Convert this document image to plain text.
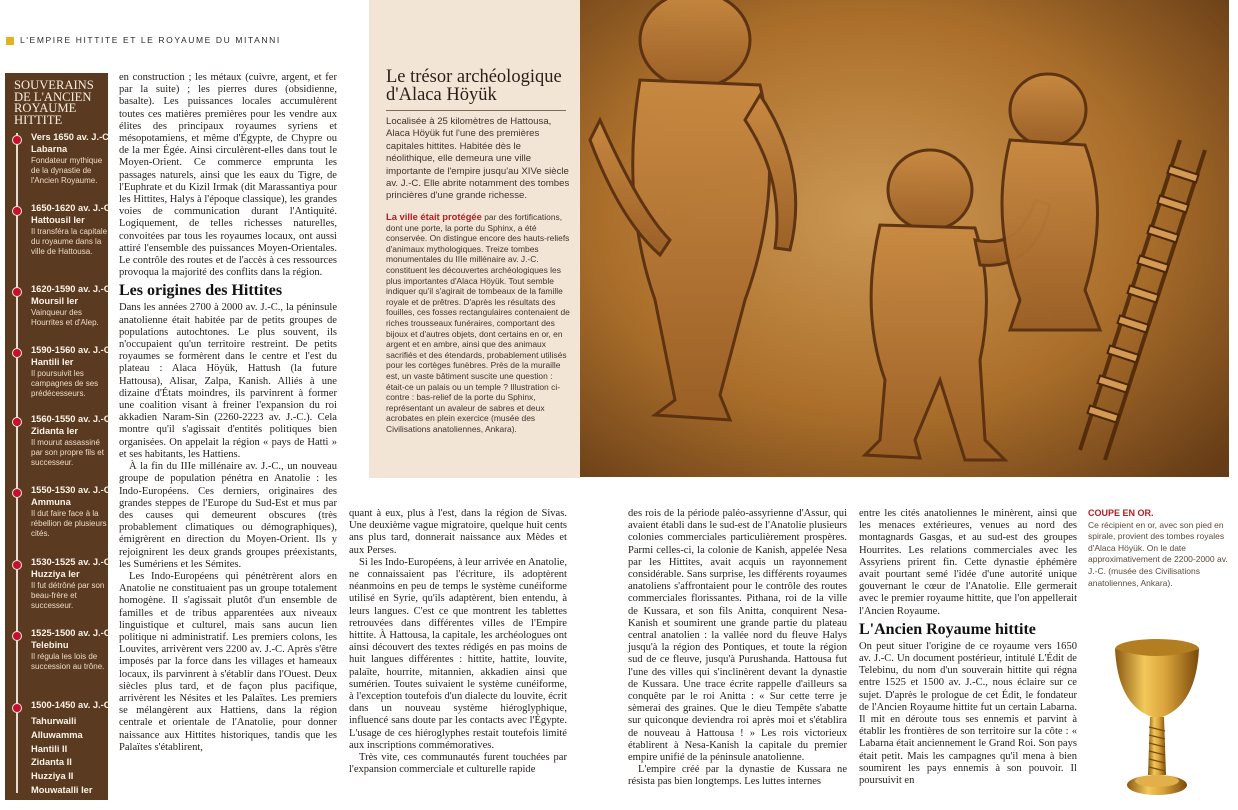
L'EMPIRE HITTITE ET LE ROYAUME DU MITANNI
SOUVERAINS DE L'ANCIEN ROYAUME HITTITE
Vers 1650 av. J.-C.
Labarna
Fondateur mythique de la dynastie de l'Ancien Royaume.
1650-1620 av. J.-C.
Hattousil Ier
Il transféra la capitale du royaume dans la ville de Hattousa.
1620-1590 av. J.-C.
Moursil Ier
Vainqueur des Hourrites et d'Alep.
1590-1560 av. J.-C.
Hantili Ier
Il poursuivit les campagnes de ses prédécesseurs.
1560-1550 av. J.-C.
Zidanta Ier
Il mourut assassiné par son propre fils et successeur.
1550-1530 av. J.-C.
Ammuna
Il dut faire face à la rébellion de plusieurs cités.
1530-1525 av. J.-C.
Huzziya Ier
Il fut détrôné par son beau-frère et successeur.
1525-1500 av. J.-C.
Telebinu
Il régula les lois de succession au trône.
1500-1450 av. J.-C.
Tahurwaili
Alluwamma
Hantili II
Zidanta II
Huzziya II
Mouwatalli Ier

en construction ; les métaux (cuivre, argent, et fer par la suite) ; les pierres dures (obsidienne, basalte). Les puissances locales accumulèrent toutes ces matières premières pour les vendre aux élites des principaux royaumes syriens et mésopotamiens, et même d'Égypte, de Chypre ou de la mer Égée. Ainsi circulèrent-elles dans tout le Moyen-Orient. Ce commerce emprunta les passages naturels, ainsi que les eaux du Tigre, de l'Euphrate et du Kizil Irmak (dit Marassantiya pour les Hittites, Halys à l'époque classique), les grandes voies de communication durant l'Antiquité. Logiquement, de telles richesses naturelles, convoitées par tous les royaumes locaux, ont aussi attiré l'ensemble des puissances Moyen-Orientales. Le contrôle des routes et de l'accès à ces ressources provoqua la majorité des conflits dans la région.

Les origines des Hittites

Dans les années 2700 à 2000 av. J.-C., la péninsule anatolienne était habitée par de petits groupes de populations autochtones. Le plus souvent, ils n'occupaient qu'un territoire restreint. De petits royaumes se formèrent dans le centre et l'est du plateau : Alaca Höyük, Hattush (la future Hattousa), Alisar, Zalpa, Kanish. Alliés à une dizaine d'États moindres, ils parvinrent à former une coalition visant à freiner l'expansion du roi akkadien Naram-Sin (2260-2223 av. J.-C.). Cela montre qu'il s'agissait d'entités politiques bien organisées. On appelait la région « pays de Hatti » et ses habitants, les Hattiens.

À la fin du IIIe millénaire av. J.-C., un nouveau groupe de population pénétra en Anatolie : les Indo-Européens. Ces derniers, originaires des grandes steppes de l'Europe du Sud-Est et mus par des causes qui demeurent obscures (très probablement climatiques ou démographiques), émigrèrent en direction du Moyen-Orient. Ils y rejoignirent les deux grands groupes préexistants, les Sumériens et les Sémites.

Les Indo-Européens qui pénétrèrent alors en Anatolie ne constituaient pas un groupe totalement homogène. Il s'agissait plutôt d'un ensemble de familles et de tribus apparentées aux niveaux linguistique et culturel, mais sans aucun lien politique ni administratif. Les premiers colons, les Louvites, arrivèrent vers 2200 av. J.-C. Après s'être imposés par la force dans les villages et hameaux locaux, ils parvinrent à s'établir dans l'Ouest. Deux siècles plus tard, et de façon plus pacifique, arrivèrent les Nésites et les Palaïtes. Les premiers se mélangèrent aux Hattiens, dans la région centrale et orientale de l'Anatolie, pour donner naissance aux Hittites historiques, tandis que les Palaïtes s'établirent,

quant à eux, plus à l'est, dans la région de Sivas. Une deuxième vague migratoire, quelque huit cents ans plus tard, donnerait naissance aux Mèdes et aux Perses.

Si les Indo-Européens, à leur arrivée en Anatolie, ne connaissaient pas l'écriture, ils adoptèrent néanmoins en peu de temps le système cunéiforme utilisé en Syrie, qu'ils adaptèrent, bien entendu, à leurs langues. C'est ce que montrent les tablettes retrouvées dans différentes villes de l'Empire hittite. À Hattousa, la capitale, les archéologues ont ainsi découvert des textes rédigés en pas moins de huit langues différentes : hittite, hattite, louvite, palaïte, hourrite, mitannien, akkadien ainsi que sumérien. Toutes suivaient le système cunéiforme, à l'exception toutefois d'un dialecte du louvite, écrit dans un nouveau système hiéroglyphique, influencé sans doute par les contacts avec l'Égypte. L'usage de ces hiéroglyphes restait toutefois limité aux inscriptions commémoratives.

Très vite, ces communautés furent touchées par l'expansion commerciale et culturelle rapide

des rois de la période paléo-assyrienne d'Assur, qui avaient établi dans le sud-est de l'Anatolie plusieurs colonies commerciales particulièrement prospères. Parmi celles-ci, la colonie de Kanish, appelée Nesa par les Hittites, avait acquis un rayonnement considérable. Sans surprise, les différents royaumes anatoliens s'affrontaient pour le contrôle des routes commerciales florissantes. Pithana, roi de la ville de Kussara, et son fils Anitta, conquirent Nesa-Kanish et soumirent une grande partie du plateau central anatolien : la vallée nord du fleuve Halys jusqu'à la région des Pontiques, et toute la région sud de ce fleuve, jusqu'à Purushanda. Hattousa fut l'une des villes qui s'inclinèrent devant la dynastie de Kussara. Une trace écrite rappelle d'ailleurs sa conquête par le roi Anitta : « Sur cette terre je sèmerai des graines. Que le dieu Tempête s'abatte sur quiconque deviendra roi après moi et s'établira de nouveau à Hattousa ! » Les rois victorieux établirent à Nesa-Kanish la capitale du premier empire unifié de la péninsule anatolienne.

L'empire créé par la dynastie de Kussara ne résista pas bien longtemps. Les luttes internes

entre les cités anatoliennes le minèrent, ainsi que les menaces extérieures, venues au nord des montagnards Gasgas, et au sud-est des groupes Hourrites. Les relations commerciales avec les Assyriens prirent fin. Cette dynastie éphémère avait pourtant semé l'idée d'une autorité unique gouvernant le cœur de l'Anatolie. Elle germerait avec le premier royaume hittite, que l'on appellerait l'Ancien Royaume.

L'Ancien Royaume hittite

On peut situer l'origine de ce royaume vers 1650 av. J.-C. Un document postérieur, intitulé L'Édit de Telebinu, du nom d'un souverain hittite qui régna entre 1525 et 1500 av. J.-C., nous éclaire sur ce sujet. D'après le prologue de cet Édit, le fondateur de l'Ancien Royaume hittite fut un certain Labarna. Il mit en déroute tous ses ennemis et parvint à établir les frontières de son territoire sur la côte : « Labarna était anciennement le Grand Roi. Son pays était petit. Mais les campagnes qu'il mena à bien soumirent les pays ennemis à son pouvoir. Il poursuivit en

Le trésor archéologique d'Alaca Höyük
Localisée à 25 kilomètres de Hattousa, Alaca Höyük fut l'une des premières capitales hittites. Habitée dès le néolithique, elle demeura une ville importante de l'empire jusqu'au XIVe siècle av. J.-C. Elle abrite notamment des tombes princières d'une grande richesse.
La ville était protégée par des fortifications, dont une porte, la porte du Sphinx, a été conservée. On distingue encore des hauts-reliefs d'animaux mythologiques. Treize tombes monumentales du IIIe millénaire av. J.-C. constituent les découvertes archéologiques les plus importantes d'Alaca Höyük. Tout semble indiquer qu'il s'agirait de tombeaux de la famille royale et de prêtres. D'après les résultats des fouilles, ces fosses rectangulaires contenaient de riches trousseaux funéraires, comportant des bijoux et d'autres objets, dont certains en or, en argent et en ambre, ainsi que des animaux sacrifiés et des étendards, probablement utilisés pour les cortèges funèbres. Près de la muraille est, un vaste bâtiment suscite une question : était-ce un palais ou un temple ? Illustration ci-contre : bas-relief de la porte du Sphinx, représentant un avaleur de sabres et deux acrobates en plein exercice (musée des Civilisations anatoliennes, Ankara).
COUPE EN OR.
Ce récipient en or, avec son pied en spirale, provient des tombes royales d'Alaca Höyük. On le date approximativement de 2200-2000 av. J.-C. (musée des Civilisations anatoliennes, Ankara).
